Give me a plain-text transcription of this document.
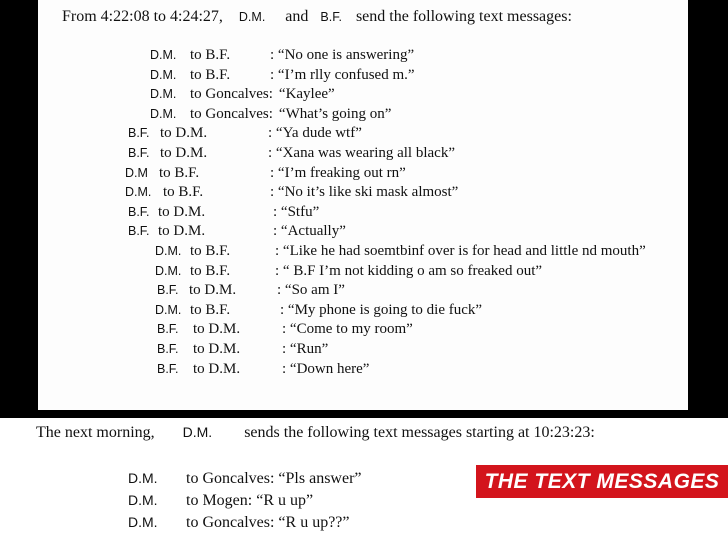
From 4:22:08 to 4:24:27, D.M. and B.F. send the following text messages:
D.M. to B.F.	: “No one is answering”
D.M. to B.F.	: “I’m rlly confused m.”
D.M. to Goncalves: “Kaylee”
D.M. to Goncalves: “What’s going on”
B.F. to D.M.	: “Ya dude wtf”
B.F. to D.M.	: “Xana was wearing all black”
D.M to B.F.	: “I’m freaking out rn”
D.M. to B.F.	: “No it’s like ski mask almost”
B.F. to D.M.	: “Stfu”
B.F. to D.M.	: “Actually”
D.M. to B.F.	: “Like he had soemtbinf over is for head and little nd mouth”
D.M. to B.F.	: “ B.F I’m not kidding o am so freaked out”
B.F. to D.M.	: “So am I”
D.M. to B.F.	: “My phone is going to die fuck”
B.F. to D.M.	: “Come to my room”
B.F. to D.M.	: “Run”
B.F. to D.M.	: “Down here”
The next morning, D.M. sends the following text messages starting at 10:23:23:
D.M. to Goncalves: “Pls answer”
D.M. to Mogen: “R u up”
D.M. to Goncalves: “R u up??”
THE TEXT MESSAGES
